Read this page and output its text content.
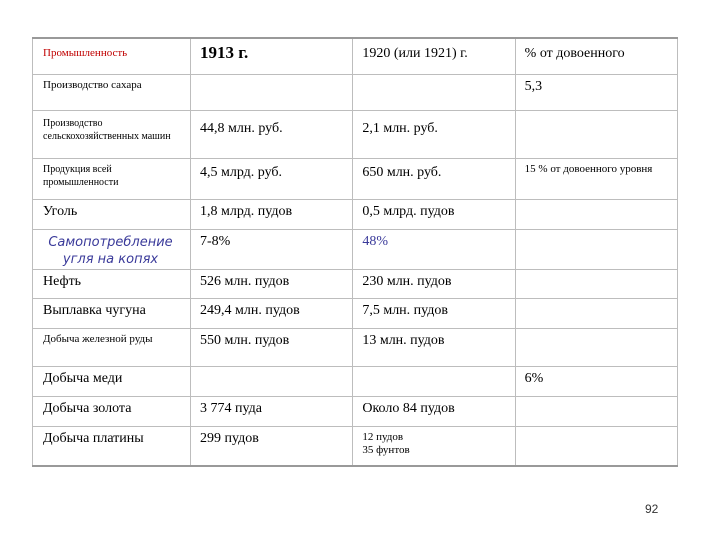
Промышленность	1913 г.	1920 (или 1921) г.	% от довоенного
Производство сахара			5,3
Производство сельскохозяйственных машин	44,8 млн. руб.	2,1 млн. руб.	
Продукция всей промышленности	4,5 млрд. руб.	650 млн. руб.	15 % от довоенного уровня
Уголь	1,8 млрд. пудов	0,5 млрд. пудов	
Самопотребление угля на копях	7-8%	48%	
Нефть	526 млн. пудов	230 млн. пудов	
Выплавка чугуна	249,4 млн. пудов	7,5 млн. пудов	
Добыча железной руды	550 млн. пудов	13 млн. пудов	
Добыча меди			6%
Добыча золота	3 774 пуда	Около 84 пудов	
Добыча платины	299 пудов	12 пудов
35 фунтов	

92
